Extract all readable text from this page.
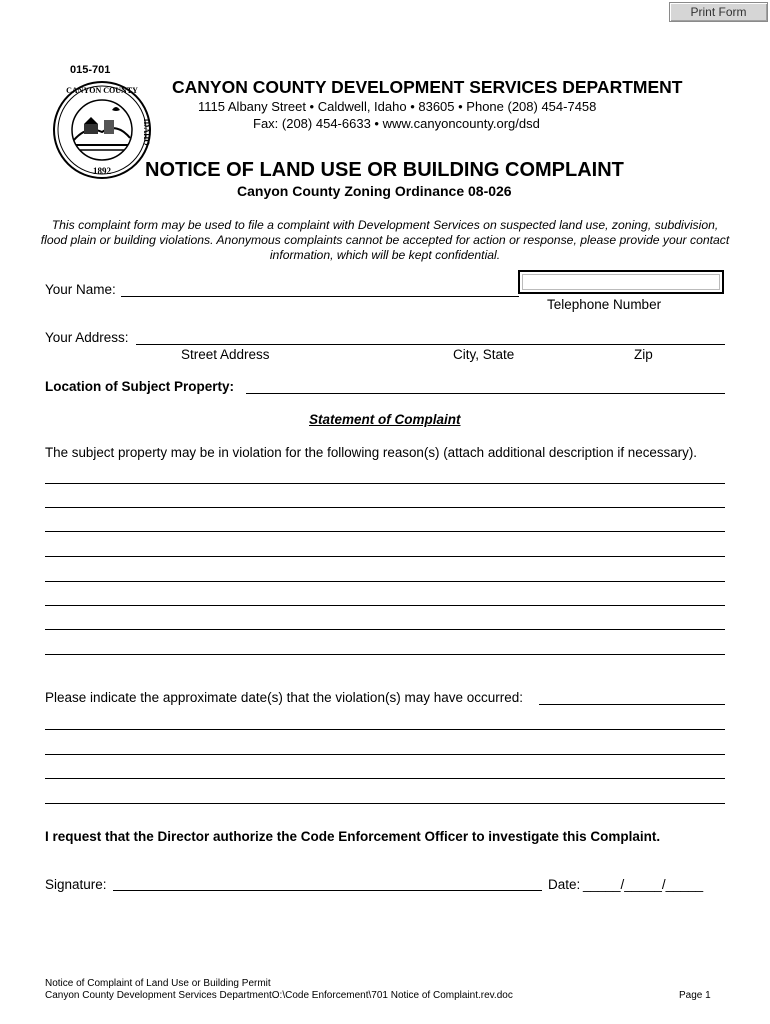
Print Form
015-701
CANYON COUNTY
IDAHO
1892
CANYON COUNTY DEVELOPMENT SERVICES DEPARTMENT
1115 Albany Street • Caldwell, Idaho • 83605 • Phone (208) 454-7458
Fax: (208) 454-6633 • www.canyoncounty.org/dsd
NOTICE OF LAND USE OR BUILDING COMPLAINT
Canyon County Zoning Ordinance 08-026
This complaint form may be used to file a complaint with Development Services on suspected land use, zoning, subdivision, flood plain or building violations. Anonymous complaints cannot be accepted for action or response, please provide your contact information, which will be kept confidential.
Your Name:
Telephone Number
Your Address:
Street Address	City, State	Zip
Location of Subject Property:
Statement of Complaint
The subject property may be in violation for the following reason(s) (attach additional description if necessary).
Please indicate the approximate date(s) that the violation(s) may have occurred:
I request that the Director authorize the Code Enforcement Officer to investigate this Complaint.
Signature:	Date: _____/_____/_____
Notice of Complaint of Land Use or Building Permit
Canyon County Development Services DepartmentO:\Code Enforcement\701 Notice of Complaint.rev.doc	Page 1
